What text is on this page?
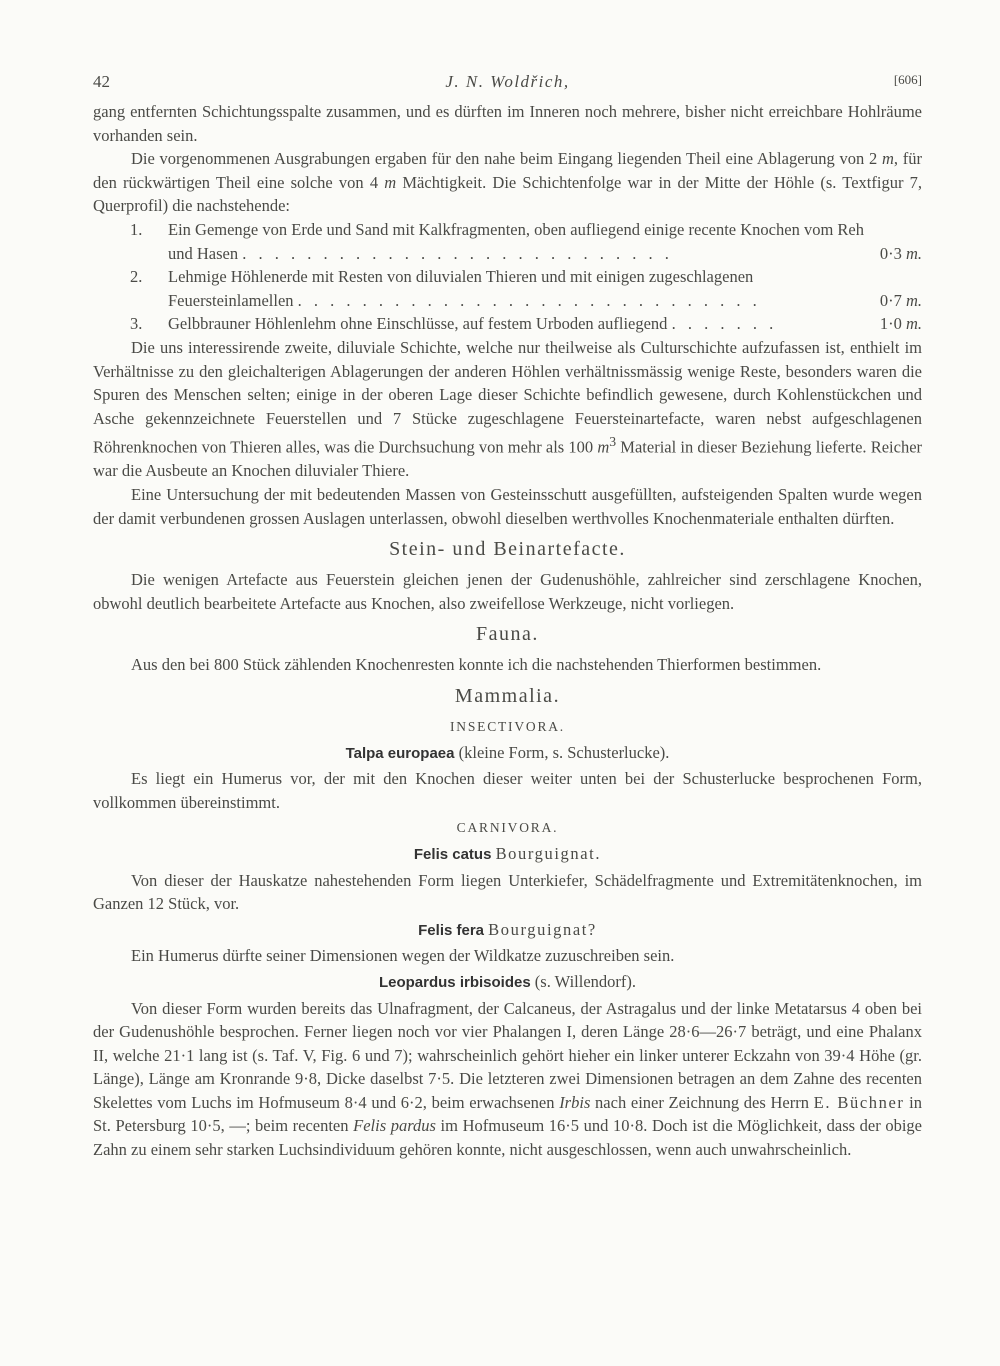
42	J. N. Woldřich,	[606]

gang entfernten Schichtungsspalte zusammen, und es dürften im Inneren noch mehrere, bisher nicht erreichbare Hohlräume vorhanden sein.

Die vorgenommenen Ausgrabungen ergaben für den nahe beim Eingang liegenden Theil eine Ablagerung von 2 m, für den rückwärtigen Theil eine solche von 4 m Mächtigkeit. Die Schichtenfolge war in der Mitte der Höhle (s. Textfigur 7, Querprofil) die nachstehende:

1. Ein Gemenge von Erde und Sand mit Kalkfragmenten, oben aufliegend einige recente Knochen vom Reh und Hasen . . . . . . . . . . . . . . . . . . . . . . . . . . .	0·3 m.
2. Lehmige Höhlenerde mit Resten von diluvialen Thieren und mit einigen zugeschlagenen Feuersteinlamellen . . . . . . . . . . . . . . . . . . . . . . . . . . . . .	0·7 m.
3. Gelbbrauner Höhlenlehm ohne Einschlüsse, auf festem Urboden aufliegend . . . . . . .	1·0 m.

Die uns interessirende zweite, diluviale Schichte, welche nur theilweise als Culturschichte aufzufassen ist, enthielt im Verhältnisse zu den gleichalterigen Ablagerungen der anderen Höhlen verhältnissmässig wenige Reste, besonders waren die Spuren des Menschen selten; einige in der oberen Lage dieser Schichte befindlich gewesene, durch Kohlenstückchen und Asche gekennzeichnete Feuerstellen und 7 Stücke zugeschlagene Feuersteinartefacte, waren nebst aufgeschlagenen Röhrenknochen von Thieren alles, was die Durchsuchung von mehr als 100 $m^3$ Material in dieser Beziehung lieferte. Reicher war die Ausbeute an Knochen diluvialer Thiere.

Eine Untersuchung der mit bedeutenden Massen von Gesteinsschutt ausgefüllten, aufsteigenden Spalten wurde wegen der damit verbundenen grossen Auslagen unterlassen, obwohl dieselben werthvolles Knochenmateriale enthalten dürften.

Stein- und Beinartefacte.

Die wenigen Artefacte aus Feuerstein gleichen jenen der Gudenushöhle, zahlreicher sind zerschlagene Knochen, obwohl deutlich bearbeitete Artefacte aus Knochen, also zweifellose Werkzeuge, nicht vorliegen.

Fauna.

Aus den bei 800 Stück zählenden Knochenresten konnte ich die nachstehenden Thierformen bestimmen.

Mammalia.
INSECTIVORA.
Talpa europaea (kleine Form, s. Schusterlucke).

Es liegt ein Humerus vor, der mit den Knochen dieser weiter unten bei der Schusterlucke besprochenen Form, vollkommen übereinstimmt.

CARNIVORA.
Felis catus Bourguignat.

Von dieser der Hauskatze nahestehenden Form liegen Unterkiefer, Schädelfragmente und Extremitätenknochen, im Ganzen 12 Stück, vor.

Felis fera Bourguignat?

Ein Humerus dürfte seiner Dimensionen wegen der Wildkatze zuzuschreiben sein.

Leopardus irbisoides (s. Willendorf).

Von dieser Form wurden bereits das Ulnafragment, der Calcaneus, der Astragalus und der linke Metatarsus 4 oben bei der Gudenushöhle besprochen. Ferner liegen noch vor vier Phalangen I, deren Länge 28·6—26·7 beträgt, und eine Phalanx II, welche 21·1 lang ist (s. Taf. V, Fig. 6 und 7); wahrscheinlich gehört hieher ein linker unterer Eckzahn von 39·4 Höhe (gr. Länge), Länge am Kronrande 9·8, Dicke daselbst 7·5. Die letzteren zwei Dimensionen betragen an dem Zahne des recenten Skelettes vom Luchs im Hofmuseum 8·4 und 6·2, beim erwachsenen Irbis nach einer Zeichnung des Herrn E. Büchner in St. Petersburg 10·5, —; beim recenten Felis pardus im Hofmuseum 16·5 und 10·8. Doch ist die Möglichkeit, dass der obige Zahn zu einem sehr starken Luchsindividuum gehören konnte, nicht ausgeschlossen, wenn auch unwahrscheinlich.
